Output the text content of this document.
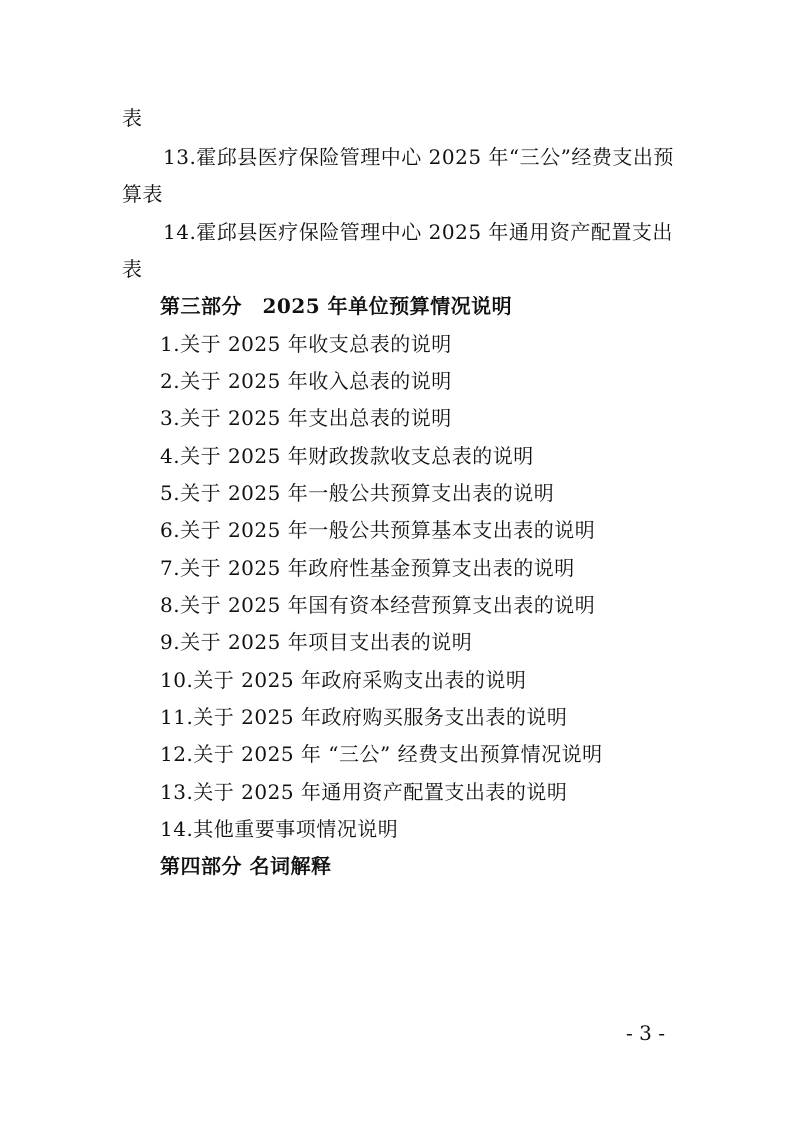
表
13.霍邱县医疗保险管理中心 2025 年“三公”经费支出预
算表
14.霍邱县医疗保险管理中心 2025 年通用资产配置支出
表
第三部分　2025 年单位预算情况说明
1.关于 2025 年收支总表的说明
2.关于 2025 年收入总表的说明
3.关于 2025 年支出总表的说明
4.关于 2025 年财政拨款收支总表的说明
5.关于 2025 年一般公共预算支出表的说明
6.关于 2025 年一般公共预算基本支出表的说明
7.关于 2025 年政府性基金预算支出表的说明
8.关于 2025 年国有资本经营预算支出表的说明
9.关于 2025 年项目支出表的说明
10.关于 2025 年政府采购支出表的说明
11.关于 2025 年政府购买服务支出表的说明
12.关于 2025 年 “三公” 经费支出预算情况说明
13.关于 2025 年通用资产配置支出表的说明
14.其他重要事项情况说明
第四部分 名词解释
- 3 -
